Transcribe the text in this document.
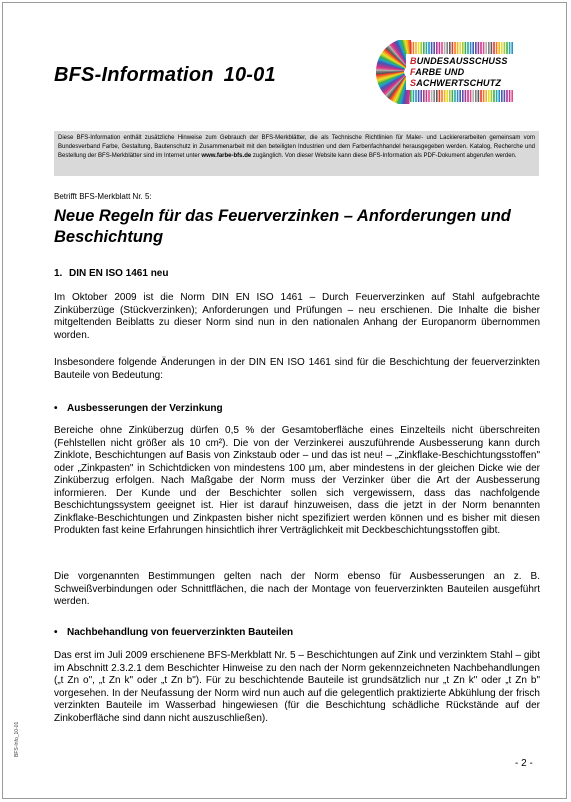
BFS-Information 10-01
BUNDESAUSSCHUSS
FARBE UND
SACHWERTSCHUTZ
Diese BFS-Information enthält zusätzliche Hinweise zum Gebrauch der BFS-Merkblätter, die als Technische Richtlinien für Maler- und Lackiererarbeiten gemeinsam vom Bundesverband Farbe, Gestaltung, Bautenschutz in Zusammenarbeit mit den beteiligten Industrien und dem Farbenfachhandel herausgegeben werden. Katalog, Recherche und Bestellung der BFS-Merkblätter sind im Internet unter www.farbe-bfs.de zugänglich. Von dieser Website kann diese BFS-Information als PDF-Dokument abgerufen werden.
Betrifft BFS-Merkblatt Nr. 5:
Neue Regeln für das Feuerverzinken – Anforderungen und Beschichtung
1. DIN EN ISO 1461 neu
Im Oktober 2009 ist die Norm DIN EN ISO 1461 – Durch Feuerverzinken auf Stahl aufgebrachte Zinküberzüge (Stückverzinken); Anforderungen und Prüfungen – neu erschienen. Die Inhalte die bisher mitgeltenden Beiblatts zu dieser Norm sind nun in den nationalen Anhang der Europanorm übernommen worden.
Insbesondere folgende Änderungen in der DIN EN ISO 1461 sind für die Beschichtung der feuerverzinkten Bauteile von Bedeutung:
• Ausbesserungen der Verzinkung
Bereiche ohne Zinküberzug dürfen 0,5 % der Gesamtoberfläche eines Einzelteils nicht überschreiten (Fehlstellen nicht größer als 10 cm²). Die von der Verzinkerei auszuführende Ausbesserung kann durch Zinklote, Beschichtungen auf Basis von Zinkstaub oder – und das ist neu! – „Zinkflake-Beschichtungsstoffen" oder „Zinkpasten" in Schichtdicken von mindestens 100 µm, aber mindestens in der gleichen Dicke wie der Zinküberzug erfolgen. Nach Maßgabe der Norm muss der Verzinker über die Art der Ausbesserung informieren. Der Kunde und der Beschichter sollen sich vergewissern, dass das nachfolgende Beschichtungssystem geeignet ist. Hier ist darauf hinzuweisen, dass die jetzt in der Norm benannten Zinkflake-Beschichtungen und Zinkpasten bisher nicht spezifiziert werden können und es bisher mit diesen Produkten fast keine Erfahrungen hinsichtlich ihrer Verträglichkeit mit Deckbeschichtungsstoffen gibt.
Die vorgenannten Bestimmungen gelten nach der Norm ebenso für Ausbesserungen an z. B. Schweißverbindungen oder Schnittflächen, die nach der Montage von feuerverzinkten Bauteilen ausgeführt werden.
• Nachbehandlung von feuerverzinkten Bauteilen
Das erst im Juli 2009 erschienene BFS-Merkblatt Nr. 5 – Beschichtungen auf Zink und verzinktem Stahl – gibt im Abschnitt 2.3.2.1 dem Beschichter Hinweise zu den nach der Norm gekennzeichneten Nachbehandlungen („t Zn o", „t Zn k" oder „t Zn b"). Für zu beschichtende Bauteile ist grundsätzlich nur „t Zn k" oder „t Zn b" vorgesehen. In der Neufassung der Norm wird nun auch auf die gelegentlich praktizierte Abkühlung der frisch verzinkten Bauteile im Wasserbad hingewiesen (für die Beschichtung schädliche Rückstände auf der Zinkoberfläche sind dann nicht auszuschließen).
BFS-Info_10-01
- 2 -
